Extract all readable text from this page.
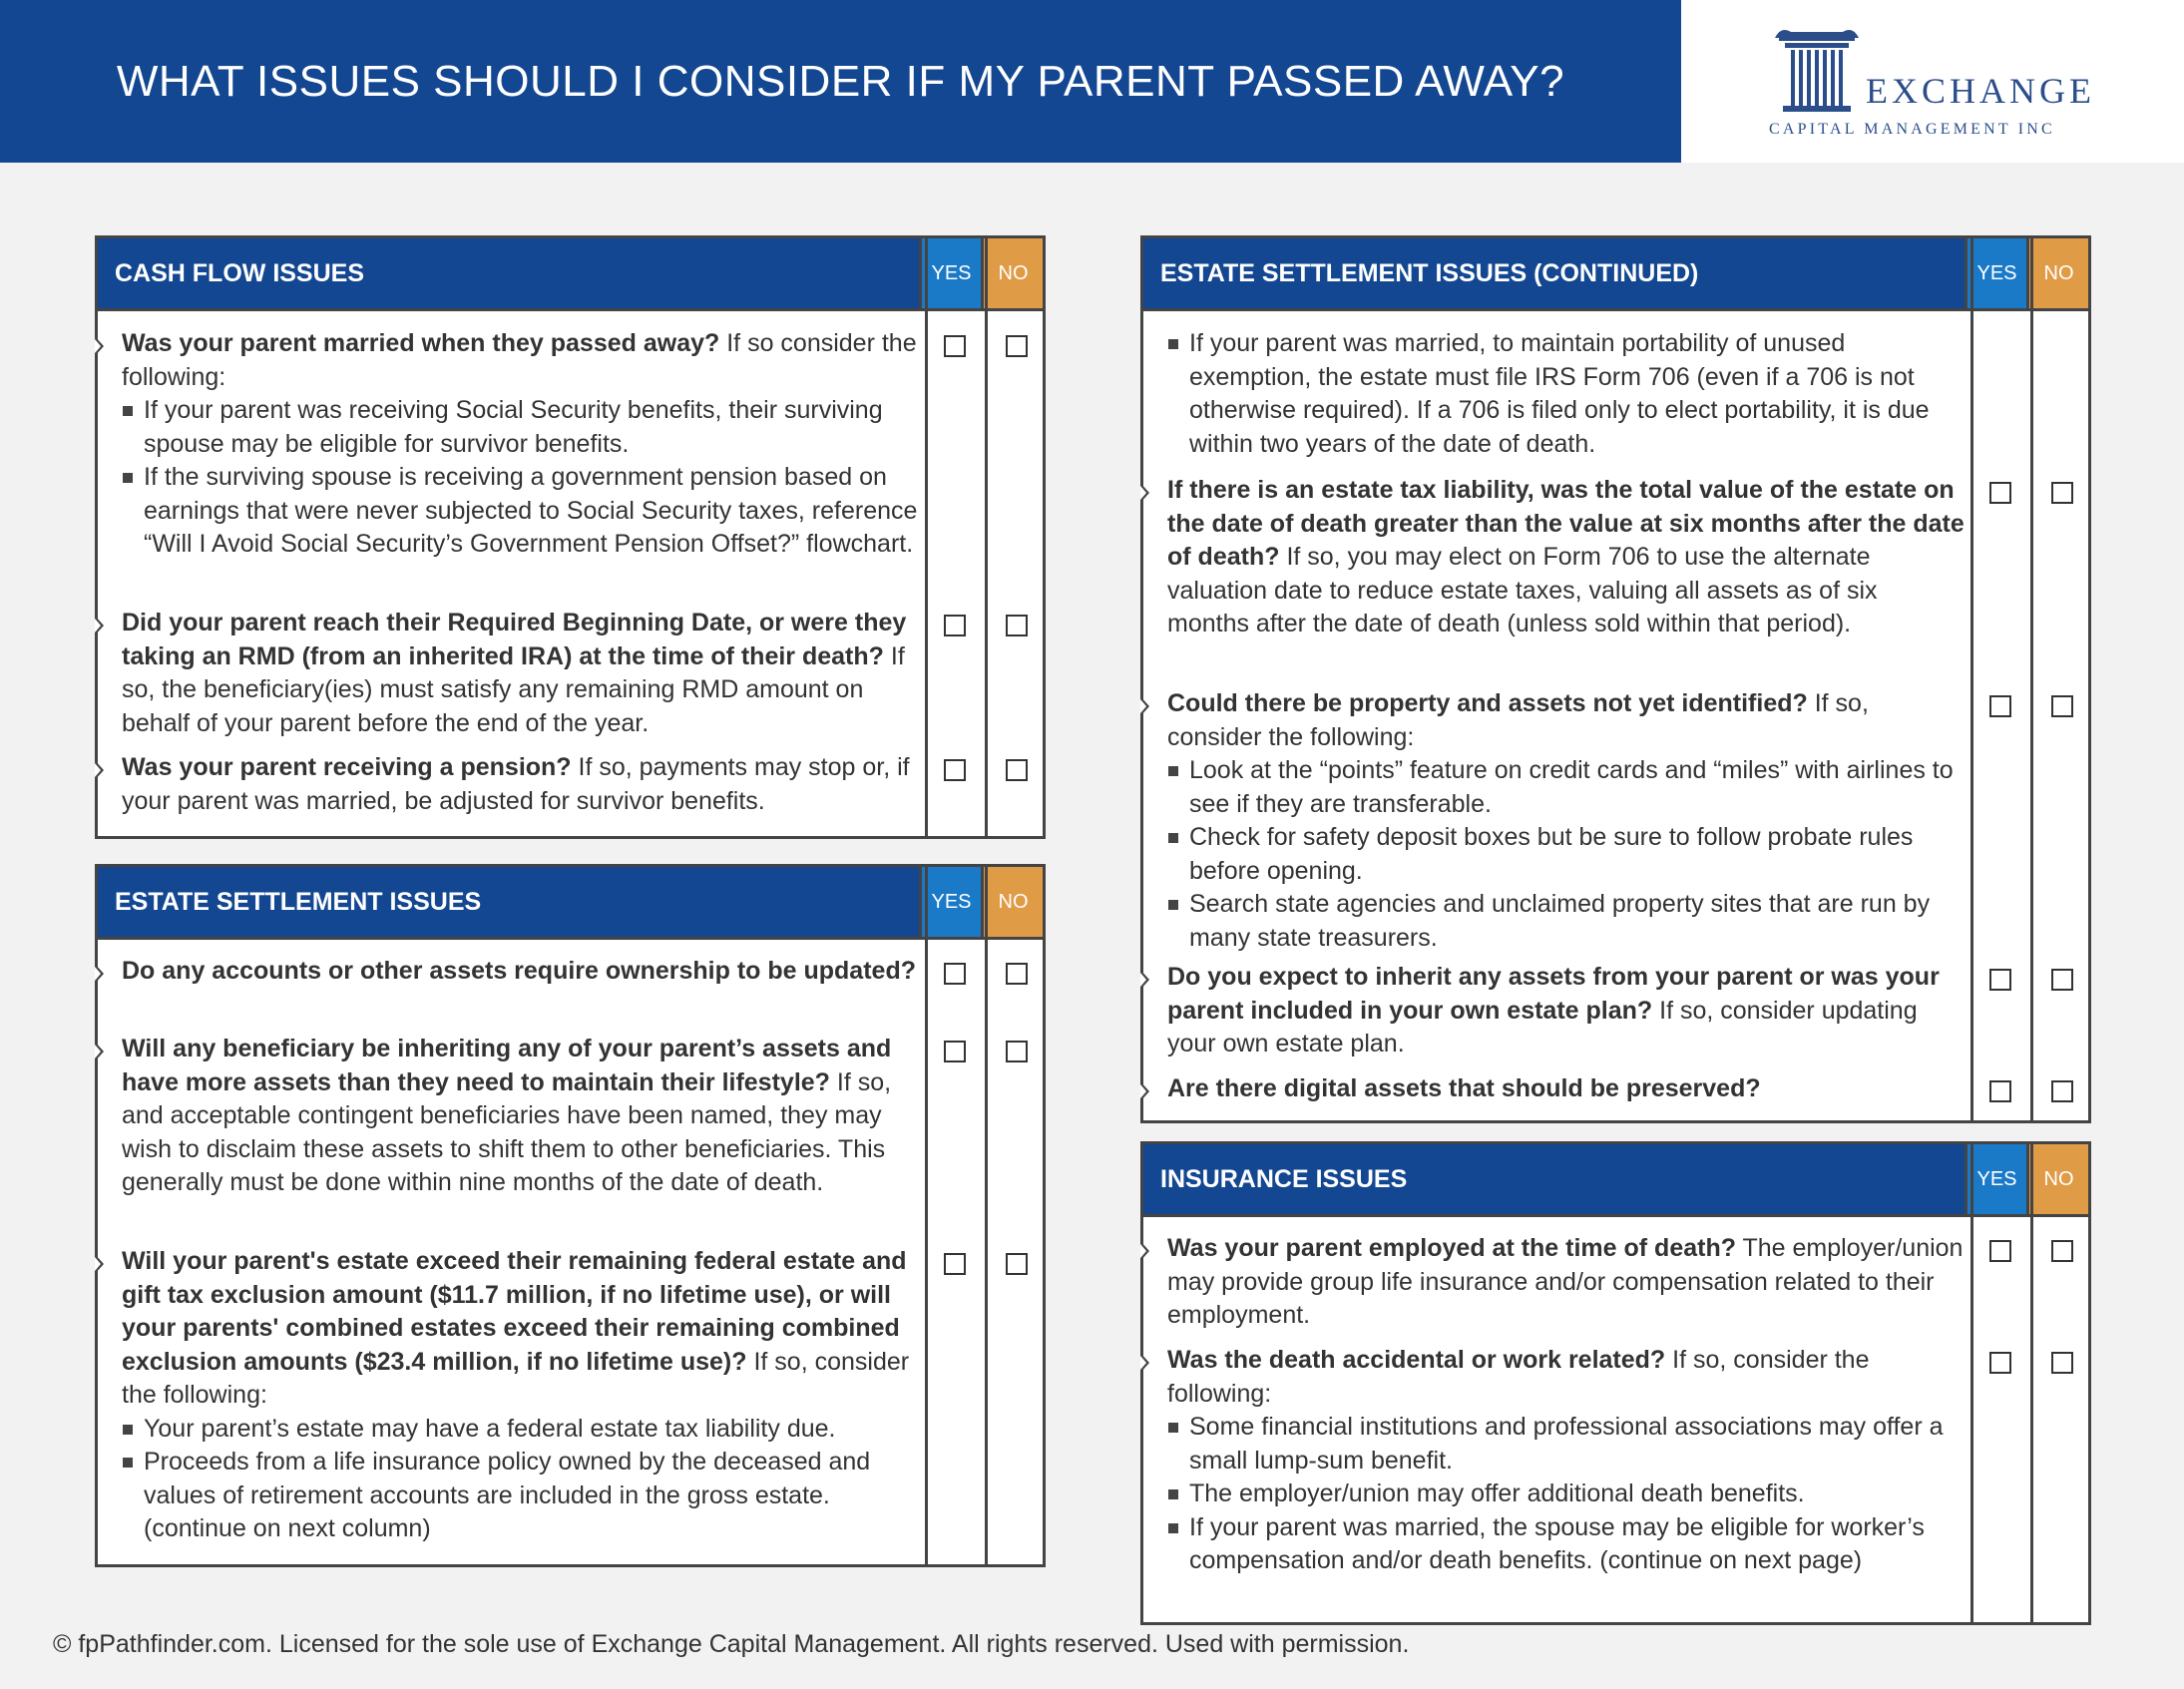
WHAT ISSUES SHOULD I CONSIDER IF MY PARENT PASSED AWAY?	EXCHANGE
CAPITAL MANAGEMENT INC
CASH FLOW ISSUES	YES	NO
Was your parent married when they passed away? If so consider the following:
If your parent was receiving Social Security benefits, their surviving spouse may be eligible for survivor benefits.
If the surviving spouse is receiving a government pension based on earnings that were never subjected to Social Security taxes, reference “Will I Avoid Social Security’s Government Pension Offset?” flowchart.
Did your parent reach their Required Beginning Date, or were they taking an RMD (from an inherited IRA) at the time of their death? If so, the beneficiary(ies) must satisfy any remaining RMD amount on behalf of your parent before the end of the year.
Was your parent receiving a pension? If so, payments may stop or, if your parent was married, be adjusted for survivor benefits.
ESTATE SETTLEMENT ISSUES	YES	NO
Do any accounts or other assets require ownership to be updated?
Will any beneficiary be inheriting any of your parent’s assets and have more assets than they need to maintain their lifestyle? If so, and acceptable contingent beneficiaries have been named, they may wish to disclaim these assets to shift them to other beneficiaries. This generally must be done within nine months of the date of death.
Will your parent's estate exceed their remaining federal estate and gift tax exclusion amount ($11.7 million, if no lifetime use), or will your parents' combined estates exceed their remaining combined exclusion amounts ($23.4 million, if no lifetime use)? If so, consider the following:
Your parent’s estate may have a federal estate tax liability due.
Proceeds from a life insurance policy owned by the deceased and values of retirement accounts are included in the gross estate. (continue on next column)
ESTATE SETTLEMENT ISSUES (CONTINUED)	YES	NO
If your parent was married, to maintain portability of unused exemption, the estate must file IRS Form 706 (even if a 706 is not otherwise required). If a 706 is filed only to elect portability, it is due within two years of the date of death.
If there is an estate tax liability, was the total value of the estate on the date of death greater than the value at six months after the date of death? If so, you may elect on Form 706 to use the alternate valuation date to reduce estate taxes, valuing all assets as of six months after the date of death (unless sold within that period).
Could there be property and assets not yet identified? If so, consider the following:
Look at the “points” feature on credit cards and “miles” with airlines to see if they are transferable.
Check for safety deposit boxes but be sure to follow probate rules before opening.
Search state agencies and unclaimed property sites that are run by many state treasurers.
Do you expect to inherit any assets from your parent or was your parent included in your own estate plan? If so, consider updating your own estate plan.
Are there digital assets that should be preserved?
INSURANCE ISSUES	YES	NO
Was your parent employed at the time of death? The employer/union may provide group life insurance and/or compensation related to their employment.
Was the death accidental or work related? If so, consider the following:
Some financial institutions and professional associations may offer a small lump-sum benefit.
The employer/union may offer additional death benefits.
If your parent was married, the spouse may be eligible for worker’s compensation and/or death benefits. (continue on next page)
© fpPathfinder.com. Licensed for the sole use of Exchange Capital Management. All rights reserved. Used with permission.
